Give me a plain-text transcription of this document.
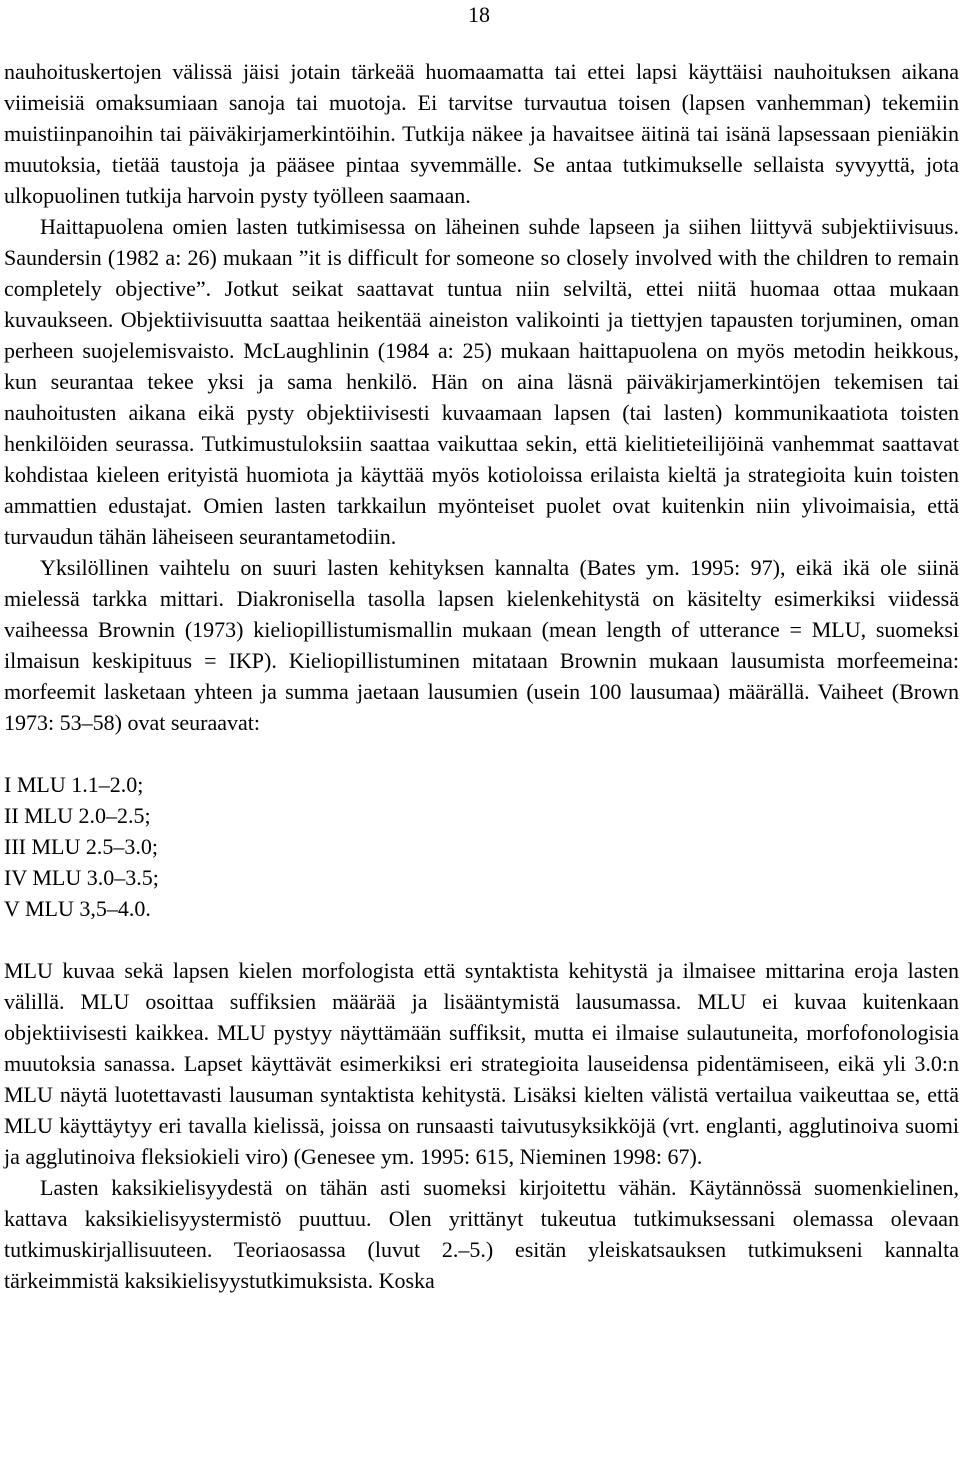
18

nauhoituskertojen välissä jäisi jotain tärkeää huomaamatta tai ettei lapsi käyttäisi nauhoituksen aikana viimeisiä omaksumiaan sanoja tai muotoja. Ei tarvitse turvautua toisen (lapsen vanhemman) tekemiin muistiinpanoihin tai päiväkirjamerkintöihin. Tutkija näkee ja havaitsee äitinä tai isänä lapsessaan pieniäkin muutoksia, tietää taustoja ja pääsee pintaa syvemmälle. Se antaa tutkimukselle sellaista syvyyttä, jota ulkopuolinen tutkija harvoin pysty työlleen saamaan.

Haittapuolena omien lasten tutkimisessa on läheinen suhde lapseen ja siihen liittyvä subjektiivisuus. Saundersin (1982 a: 26) mukaan ”it is difficult for someone so closely involved with the children to remain completely objective”. Jotkut seikat saattavat tuntua niin selviltä, ettei niitä huomaa ottaa mukaan kuvaukseen. Objektiivisuutta saattaa heikentää aineiston valikointi ja tiettyjen tapausten torjuminen, oman perheen suojelemisvaisto. McLaughlinin (1984 a: 25) mukaan haittapuolena on myös metodin heikkous, kun seurantaa tekee yksi ja sama henkilö. Hän on aina läsnä päiväkirjamerkintöjen tekemisen tai nauhoitusten aikana eikä pysty objektiivisesti kuvaamaan lapsen (tai lasten) kommunikaatiota toisten henkilöiden seurassa. Tutkimustuloksiin saattaa vaikuttaa sekin, että kielitieteilijöinä vanhemmat saattavat kohdistaa kieleen erityistä huomiota ja käyttää myös kotioloissa erilaista kieltä ja strategioita kuin toisten ammattien edustajat. Omien lasten tarkkailun myönteiset puolet ovat kuitenkin niin ylivoimaisia, että turvaudun tähän läheiseen seurantametodiin.

Yksilöllinen vaihtelu on suuri lasten kehityksen kannalta (Bates ym. 1995: 97), eikä ikä ole siinä mielessä tarkka mittari. Diakronisella tasolla lapsen kielenkehitystä on käsitelty esimerkiksi viidessä vaiheessa Brownin (1973) kieliopillistumismallin mukaan (mean length of utterance = MLU, suomeksi ilmaisun keskipituus = IKP). Kieliopillistuminen mitataan Brownin mukaan lausumista morfeemeina: morfeemit lasketaan yhteen ja summa jaetaan lausumien (usein 100 lausumaa) määrällä. Vaiheet (Brown 1973: 53–58) ovat seuraavat:

I MLU 1.1–2.0;
II MLU 2.0–2.5;
III MLU 2.5–3.0;
IV MLU 3.0–3.5;
V MLU 3,5–4.0.

MLU kuvaa sekä lapsen kielen morfologista että syntaktista kehitystä ja ilmaisee mittarina eroja lasten välillä. MLU osoittaa suffiksien määrää ja lisääntymistä lausumassa. MLU ei kuvaa kuitenkaan objektiivisesti kaikkea. MLU pystyy näyttämään suffiksit, mutta ei ilmaise sulautuneita, morfofonologisia muutoksia sanassa. Lapset käyttävät esimerkiksi eri strategioita lauseidensa pidentämiseen, eikä yli 3.0:n MLU näytä luotettavasti lausuman syntaktista kehitystä. Lisäksi kielten välistä vertailua vaikeuttaa se, että MLU käyttäytyy eri tavalla kielissä, joissa on runsaasti taivutusyksikköjä (vrt. englanti, agglutinoiva suomi ja agglutinoiva fleksiokieli viro) (Genesee ym. 1995: 615, Nieminen 1998: 67).

Lasten kaksikielisyydestä on tähän asti suomeksi kirjoitettu vähän. Käytännössä suomenkielinen, kattava kaksikielisyystermistö puuttuu. Olen yrittänyt tukeutua tutkimuksessani olemassa olevaan tutkimuskirjallisuuteen. Teoriaosassa (luvut 2.–5.) esitän yleiskatsauksen tutkimukseni kannalta tärkeimmistä kaksikielisyystutkimuksista. Koska
